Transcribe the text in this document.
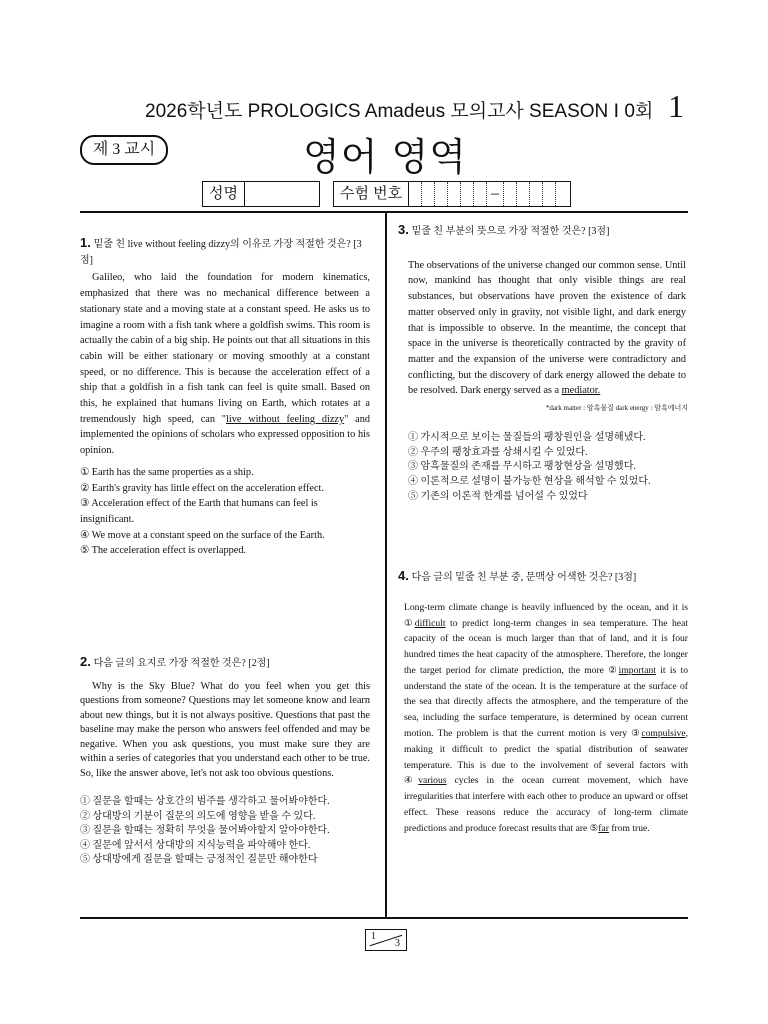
2026학년도 PROLOGICS Amadeus 모의고사 SEASON Ⅰ 0회 1
제 3 교시	영어 영역
성명	수험 번호	–
1. 밑줄 친 live without feeling dizzy의 이유로 가장 적절한 것은? [3점]
Galileo, who laid the foundation for modern kinematics, emphasized that there was no mechanical difference between a stationary state and a moving state at a constant speed. He asks us to imagine a room with a fish tank where a goldfish swims. This room is actually the cabin of a big ship. He points out that all situations in this cabin will be either stationary or moving smoothly at a constant speed, or no difference. This is because the acceleration effect of a ship that a goldfish in a fish tank can feel is quite small. Based on this, he explained that humans living on Earth, which rotates at a tremendously high speed, can "live without feeling dizzy" and implemented the opinions of scholars who expressed opposition to his opinion.

① Earth has the same properties as a ship.

② Earth's gravity has little effect on the acceleration effect.

③ Acceleration effect of the Earth that humans can feel is insignificant.

④ We move at a constant speed on the surface of the Earth.

⑤ The acceleration effect is overlapped.

2. 다음 글의 요지로 가장 적절한 것은? [2점]
Why is the Sky Blue? What do you feel when you get this questions from someone? Questions may let someone know and learn about new things, but it is not always positive. Questions that past the baseline may make the person who answers feel offended and may be negative. When you ask questions, you must make sure they are within a series of categories that you understand each other to be true. So, like the answer above, let's not ask too obvious questions.

① 질문을 할때는 상호간의 범주를 생각하고 물어봐야한다.

② 상대방의 기분이 질문의 의도에 영향을 받을 수 있다.

③ 질문을 할때는 정확히 무엇을 물어봐야할지 알아야한다.

④ 질문에 앞서서 상대방의 지식능력을 파악해야 한다.

⑤ 상대방에게 질문을 할때는 긍정적인 질문만 해야한다

3. 밑줄 친 부분의 뜻으로 가장 적절한 것은? [3점]
The observations of the universe changed our common sense. Until now, mankind has thought that only visible things are real substances, but observations have proven the existence of dark matter observed only in gravity, not visible light, and dark energy that is impossible to observe. In the meantime, the concept that space in the universe is theoretically contracted by the gravity of matter and the expansion of the universe were contradictory and conflicting, but the discovery of dark energy allowed the debate to be resolved. Dark energy served as a mediator.
*dark matter : 암흑물질 dark energy : 암흑에너지

① 가시적으로 보이는 물질들의 팽창원인을 설명해냈다.

② 우주의 팽창효과를 상쇄시킬 수 있었다.

③ 암흑물질의 존재를 무시하고 팽창현상을 설명했다.

④ 이론적으로 설명이 불가능한 현상을 해석할 수 있었다.

⑤ 기존의 이론적 한계를 넘어설 수 있었다

4. 다음 글의 밑줄 친 부분 중, 문맥상 어색한 것은? [3점]
Long-term climate change is heavily influenced by the ocean, and it is ①difficult to predict long-term changes in sea temperature. The heat capacity of the ocean is much larger than that of land, and it is four hundred times the heat capacity of the atmosphere. Therefore, the longer the target period for climate prediction, the more ②important it is to understand the state of the ocean. It is the temperature at the surface of the sea that directly affects the atmosphere, and the temperature of the sea, including the surface temperature, is determined by ocean current motion. The problem is that the current motion is very ③compulsive, making it difficult to predict the spatial distribution of seawater temperature. This is due to the involvement of several factors with ④various cycles in the ocean current movement, which have irregularities that interfere with each other to produce an upward or offset effect. These reasons reduce the accuracy of long-term climate predictions and produce forecast results that are ⑤far from true.
1
3
